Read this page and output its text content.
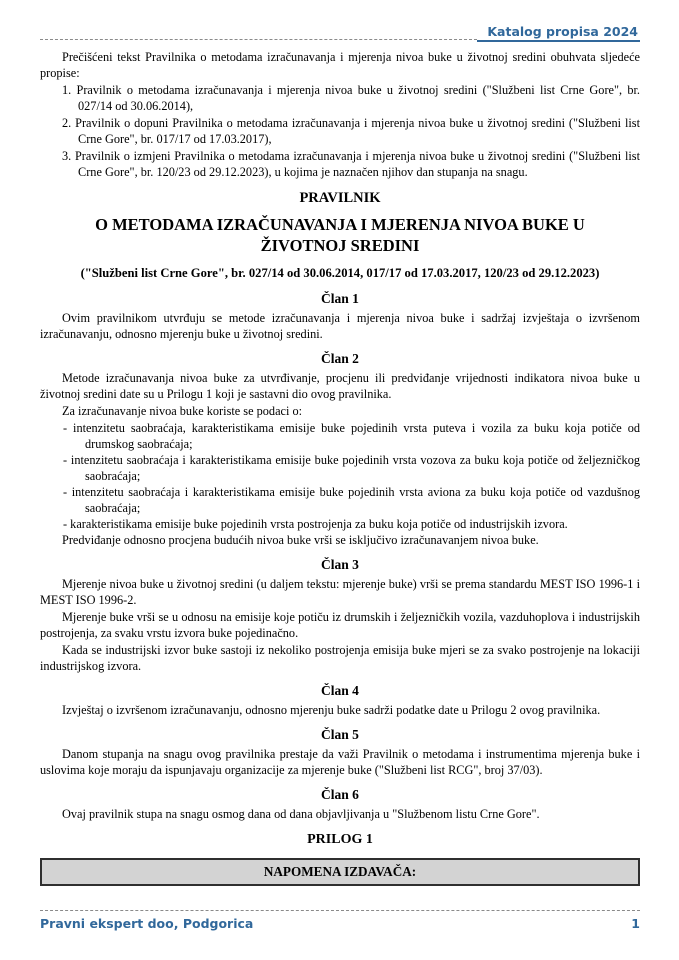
Katalog propisa 2024

Prečišćeni tekst Pravilnika o metodama izračunavanja i mjerenja nivoa buke u životnoj sredini obuhvata sljedeće propise:

1. Pravilnik o metodama izračunavanja i mjerenja nivoa buke u životnoj sredini ("Službeni list Crne Gore", br. 027/14 od 30.06.2014),
2. Pravilnik o dopuni Pravilnika o metodama izračunavanja i mjerenja nivoa buke u životnoj sredini ("Službeni list Crne Gore", br. 017/17 od 17.03.2017),
3. Pravilnik o izmjeni Pravilnika o metodama izračunavanja i mjerenja nivoa buke u životnoj sredini ("Službeni list Crne Gore", br. 120/23 od 29.12.2023), u kojima je naznačen njihov dan stupanja na snagu.
PRAVILNIK
O METODAMA IZRAČUNAVANJA I MJERENJA NIVOA BUKE U ŽIVOTNOJ SREDINI
("Službeni list Crne Gore", br. 027/14 od 30.06.2014, 017/17 od 17.03.2017, 120/23 od 29.12.2023)
Član 1

Ovim pravilnikom utvrđuju se metode izračunavanja i mjerenja nivoa buke i sadržaj izvještaja o izvršenom izračunavanju, odnosno mjerenju buke u životnoj sredini.

Član 2

Metode izračunavanja nivoa buke za utvrđivanje, procjenu ili predviđanje vrijednosti indikatora nivoa buke u životnoj sredini date su u Prilogu 1 koji je sastavni dio ovog pravilnika.

Za izračunavanje nivoa buke koriste se podaci o:

- intenzitetu saobraćaja, karakteristikama emisije buke pojedinih vrsta puteva i vozila za buku koja potiče od drumskog saobraćaja;
- intenzitetu saobraćaja i karakteristikama emisije buke pojedinih vrsta vozova za buku koja potiče od željezničkog saobraćaja;
- intenzitetu saobraćaja i karakteristikama emisije buke pojedinih vrsta aviona za buku koja potiče od vazdušnog saobraćaja;
- karakteristikama emisije buke pojedinih vrsta postrojenja za buku koja potiče od industrijskih izvora.

Predviđanje odnosno procjena budućih nivoa buke vrši se isključivo izračunavanjem nivoa buke.

Član 3

Mjerenje nivoa buke u životnoj sredini (u daljem tekstu: mjerenje buke) vrši se prema standardu MEST ISO 1996-1 i MEST ISO 1996-2.

Mjerenje buke vrši se u odnosu na emisije koje potiču iz drumskih i željezničkih vozila, vazduhoplova i industrijskih postrojenja, za svaku vrstu izvora buke pojedinačno.

Kada se industrijski izvor buke sastoji iz nekoliko postrojenja emisija buke mjeri se za svako postrojenje na lokaciji industrijskog izvora.

Član 4

Izvještaj o izvršenom izračunavanju, odnosno mjerenju buke sadrži podatke date u Prilogu 2 ovog pravilnika.

Član 5

Danom stupanja na snagu ovog pravilnika prestaje da važi Pravilnik o metodama i instrumentima mjerenja buke i uslovima koje moraju da ispunjavaju organizacije za mjerenje buke ("Službeni list RCG", broj 37/03).

Član 6

Ovaj pravilnik stupa na snagu osmog dana od dana objavljivanja u "Službenom listu Crne Gore".

PRILOG 1
NAPOMENA IZDAVAČA:
Pravni ekspert doo, Podgorica	1
